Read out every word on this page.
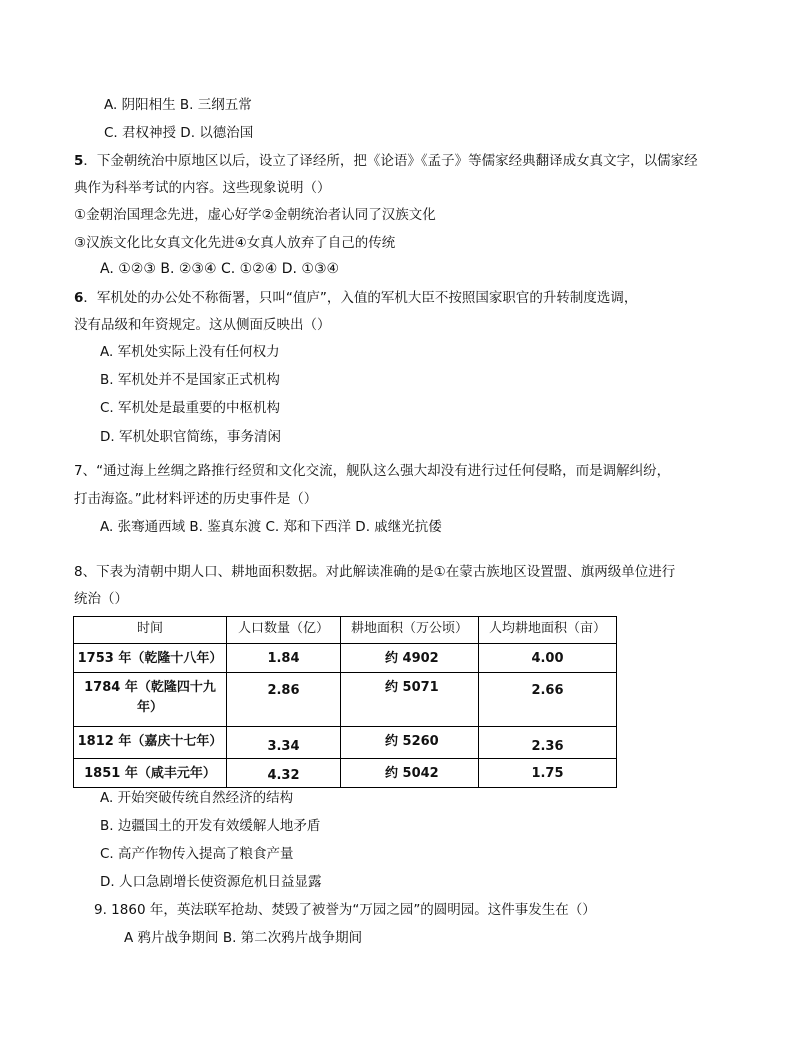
A. 阴阳相生 B. 三纲五常
C. 君权神授 D. 以德治国
5．下金朝统治中原地区以后，设立了译经所，把《论语》《孟子》等儒家经典翻译成女真文字，以儒家经
典作为科举考试的内容。这些现象说明（）
①金朝治国理念先进，虚心好学②金朝统治者认同了汉族文化
③汉族文化比女真文化先进④女真人放弃了自己的传统
A. ①②③ B. ②③④ C. ①②④ D. ①③④
6．军机处的办公处不称衙署，只叫“值庐”，入值的军机大臣不按照国家职官的升转制度选调，
没有品级和年资规定。这从侧面反映出（）
A. 军机处实际上没有任何权力
B. 军机处并不是国家正式机构
C. 军机处是最重要的中枢机构
D. 军机处职官简练，事务清闲
7、“通过海上丝绸之路推行经贸和文化交流，舰队这么强大却没有进行过任何侵略，而是调解纠纷，
打击海盗。”此材料评述的历史事件是（）
A. 张骞通西域 B. 鉴真东渡 C. 郑和下西洋 D. 戚继光抗倭
8、下表为清朝中期人口、耕地面积数据。对此解读准确的是①在蒙古族地区设置盟、旗两级单位进行
统治（）
时间	人口数量（亿）	耕地面积（万公顷）	人均耕地面积（亩）

1753 年（乾隆十八年）	1.84	约 4902	4.00

1784 年（乾隆四十九年）	2.86	约 5071	2.66

1812 年（嘉庆十七年）	3.34	约 5260	2.36

1851 年（咸丰元年）	4.32	约 5042	1.75
A. 开始突破传统自然经济的结构
B. 边疆国土的开发有效缓解人地矛盾
C. 高产作物传入提高了粮食产量
D. 人口急剧增长使资源危机日益显露
9. 1860 年，英法联军抢劫、焚毁了被誉为“万园之园”的圆明园。这件事发生在（）
A 鸦片战争期间 B. 第二次鸦片战争期间
